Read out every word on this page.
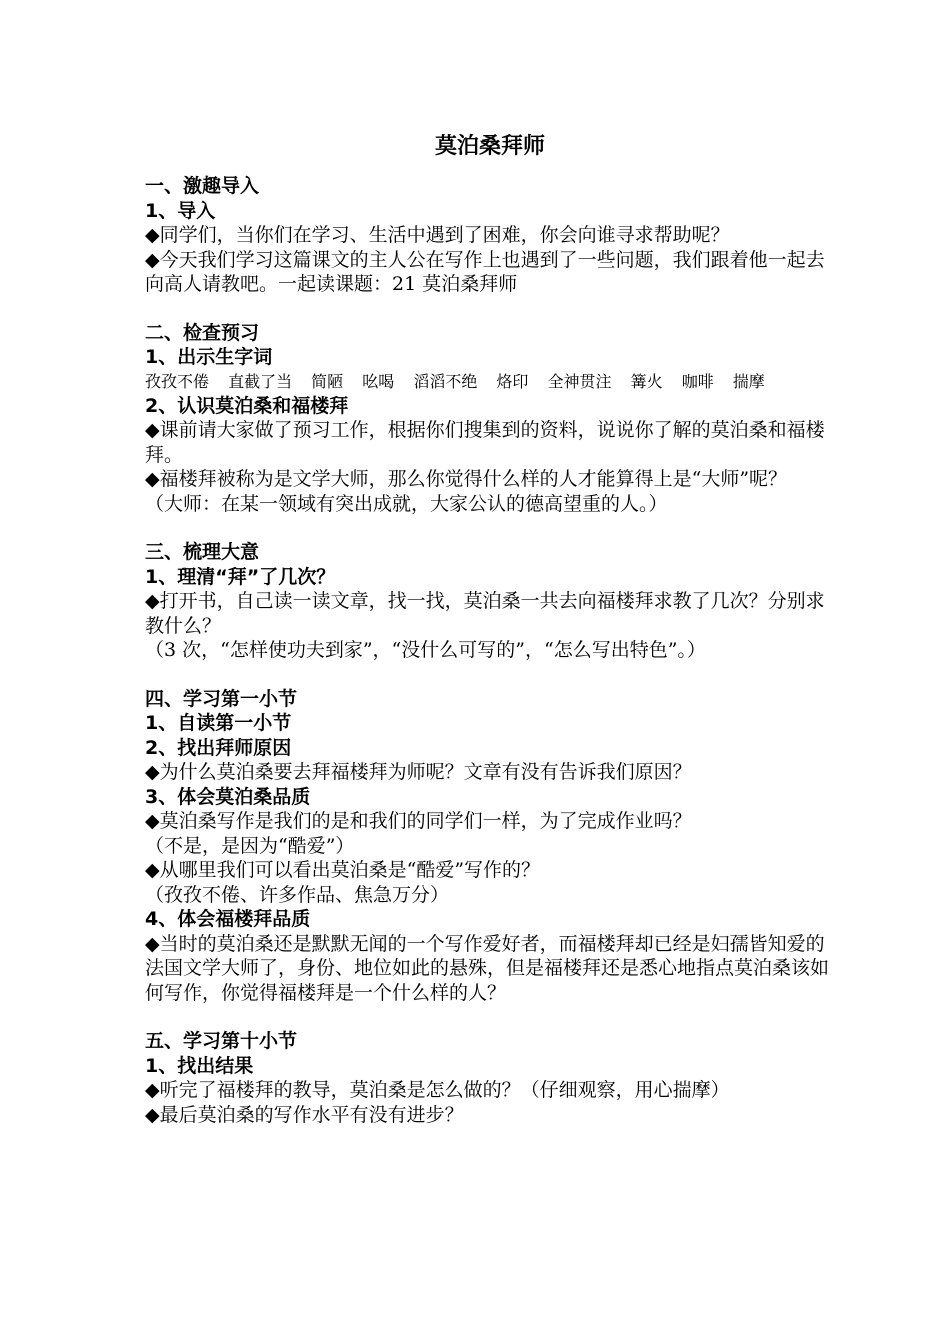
莫泊桑拜师
一、激趣导入
1、导入
◆ 同学们，当你们在学习、生活中遇到了困难，你会向谁寻求帮助呢？
◆ 今天我们学习这篇课文的主人公在写作上也遇到了一些问题，我们跟着他一起去向高人请教吧。一起读课题：21 莫泊桑拜师
二、检查预习
1、出示生字词
孜孜不倦 直截了当 简陋 吆喝 滔滔不绝 烙印 全神贯注 篝火 咖啡 揣摩
2、认识莫泊桑和福楼拜
◆ 课前请大家做了预习工作，根据你们搜集到的资料，说说你了解的莫泊桑和福楼拜。
◆ 福楼拜被称为是文学大师，那么你觉得什么样的人才能算得上是“大师”呢？
（大师：在某一领域有突出成就，大家公认的德高望重的人。）
三、梳理大意
1、理清“拜”了几次？
◆ 打开书，自己读一读文章，找一找，莫泊桑一共去向福楼拜求教了几次？分别求教什么？
（3 次，“怎样使功夫到家”，“没什么可写的”，“怎么写出特色”。）
四、学习第一小节
1、自读第一小节
2、找出拜师原因
◆ 为什么莫泊桑要去拜福楼拜为师呢？文章有没有告诉我们原因？
3、体会莫泊桑品质
◆ 莫泊桑写作是我们的是和我们的同学们一样，为了完成作业吗？
（不是，是因为“酷爱”）
◆ 从哪里我们可以看出莫泊桑是“酷爱”写作的？
（孜孜不倦、许多作品、焦急万分）
4、体会福楼拜品质
◆ 当时的莫泊桑还是默默无闻的一个写作爱好者，而福楼拜却已经是妇孺皆知爱的法国文学大师了，身份、地位如此的悬殊，但是福楼拜还是悉心地指点莫泊桑该如何写作，你觉得福楼拜是一个什么样的人？
五、学习第十小节
1、找出结果
◆ 听完了福楼拜的教导，莫泊桑是怎么做的？（仔细观察，用心揣摩）
◆ 最后莫泊桑的写作水平有没有进步？
